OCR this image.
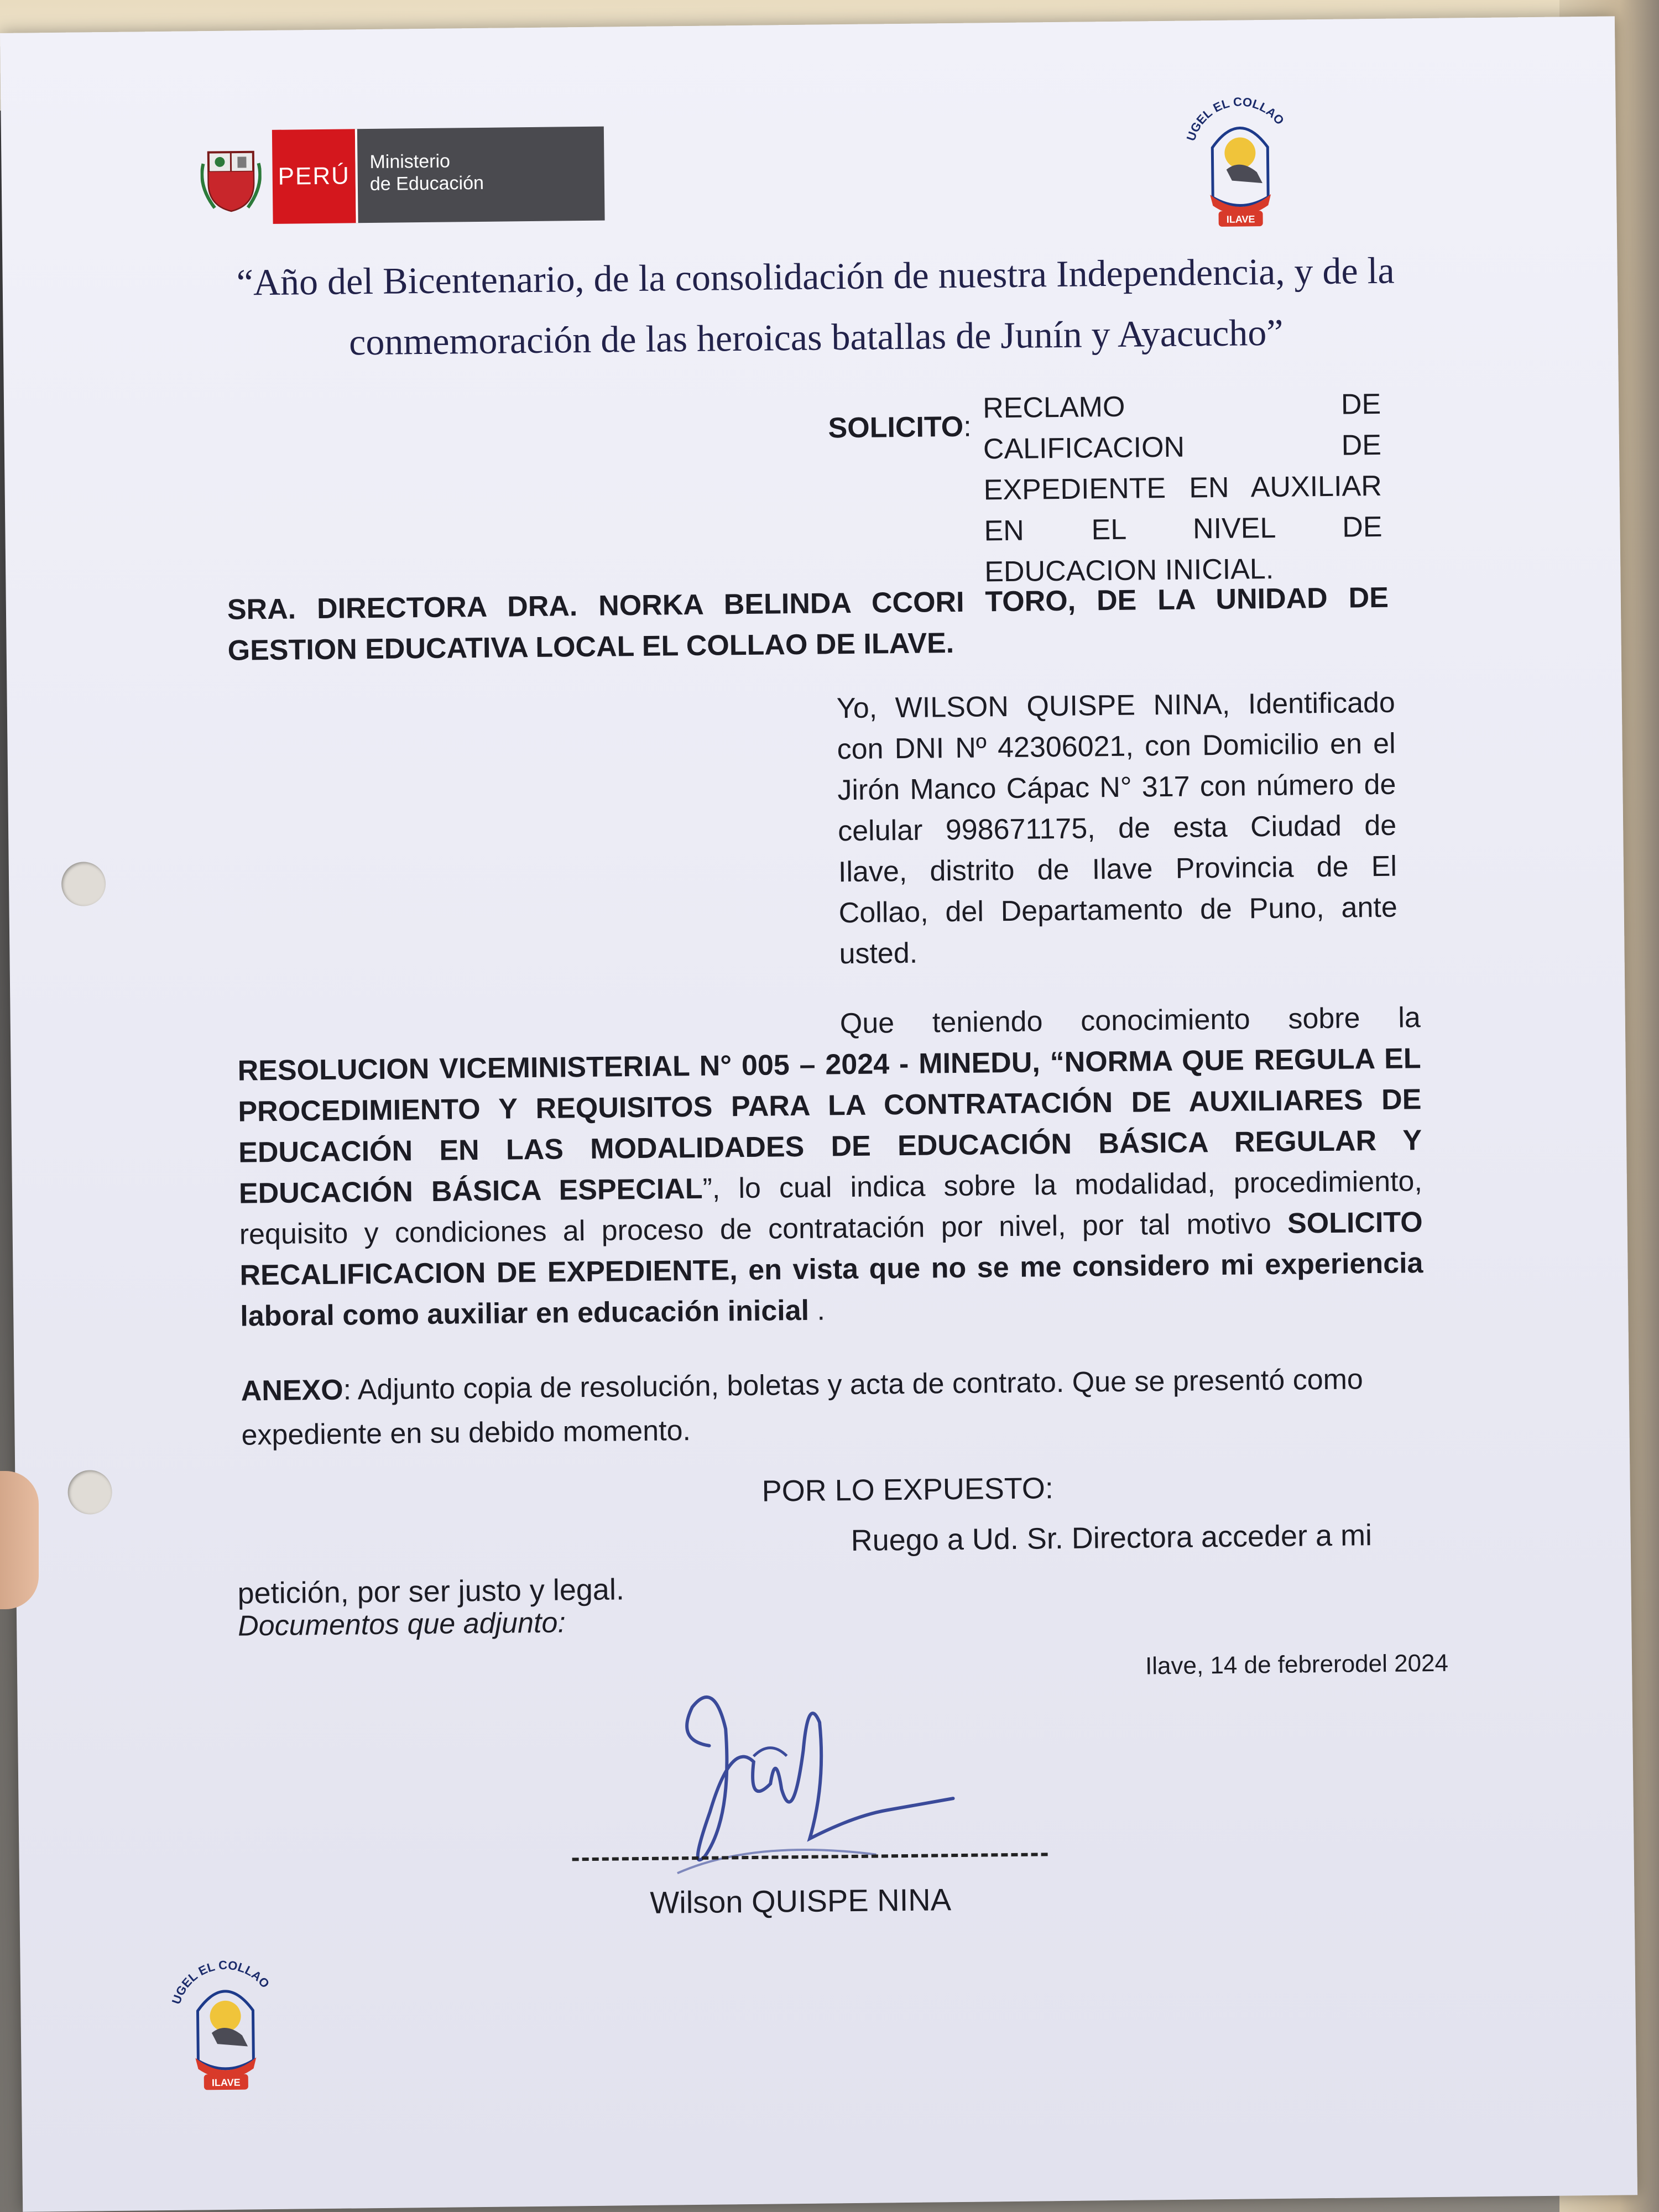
PERÚ
Ministerio
de Educación
UGEL EL COLLAO
ILAVE
“Año del Bicentenario, de la consolidación de nuestra Independencia, y de la
conmemoración de las heroicas batallas de Junín y Ayacucho”
SOLICITO:
RECLAMO DE CALIFICACION DE EXPEDIENTE EN AUXILIAR EN EL NIVEL DE EDUCACION INICIAL.
SRA. DIRECTORA DRA. NORKA BELINDA CCORI TORO, DE LA UNIDAD DE GESTION EDUCATIVA LOCAL EL COLLAO DE ILAVE.
Yo, WILSON QUISPE NINA, Identificado con DNI Nº 42306021, con Domicilio en el Jirón Manco Cápac N° 317 con número de celular 998671175, de esta Ciudad de Ilave, distrito de Ilave Provincia de El Collao, del Departamento de Puno, ante usted.
Que teniendo conocimiento sobre la RESOLUCION VICEMINISTERIAL N° 005 – 2024 - MINEDU, “NORMA QUE REGULA EL PROCEDIMIENTO Y REQUISITOS PARA LA CONTRATACIÓN DE AUXILIARES DE EDUCACIÓN EN LAS MODALIDADES DE EDUCACIÓN BÁSICA REGULAR Y EDUCACIÓN BÁSICA ESPECIAL”, lo cual indica sobre la modalidad, procedimiento, requisito y condiciones al proceso de contratación por nivel, por tal motivo SOLICITO RECALIFICACION DE EXPEDIENTE, en vista que no se me considero mi experiencia laboral como auxiliar en educación inicial .
ANEXO: Adjunto copia de resolución, boletas y acta de contrato. Que se presentó como expediente en su debido momento.
POR LO EXPUESTO:
Ruego a Ud. Sr. Directora acceder a mi petición, por ser justo y legal.
Documentos que adjunto:
Ilave, 14 de febrerodel 2024
Wilson QUISPE NINA
UGEL EL COLLAO
ILAVE
